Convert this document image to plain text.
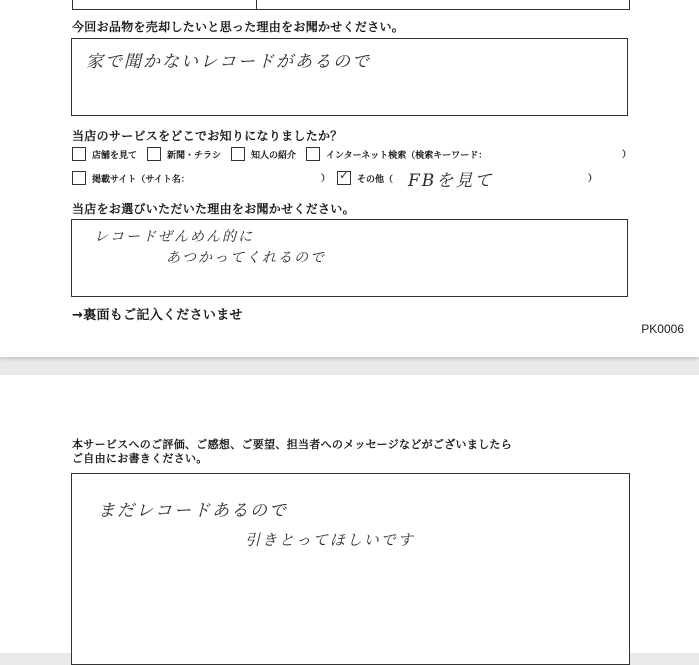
今回お品物を売却したいと思った理由をお聞かせください。
家で聞かないレコードがあるので
当店のサービスをどこでお知りになりましたか？
店舗を見て	新聞・チラシ	知人の紹介	インターネット検索（検索キーワード：	）
掲載サイト（サイト名：	） ✓ その他（ FBを見て	）
当店をお選びいただいた理由をお聞かせください。
レコードぜんめん的に
あつかってくれるので
→裏面もご記入くださいませ
PK0006
本サービスへのご評価、ご感想、ご要望、担当者へのメッセージなどがございましたら
ご自由にお書きください。
まだレコードあるので
引きとってほしいです
